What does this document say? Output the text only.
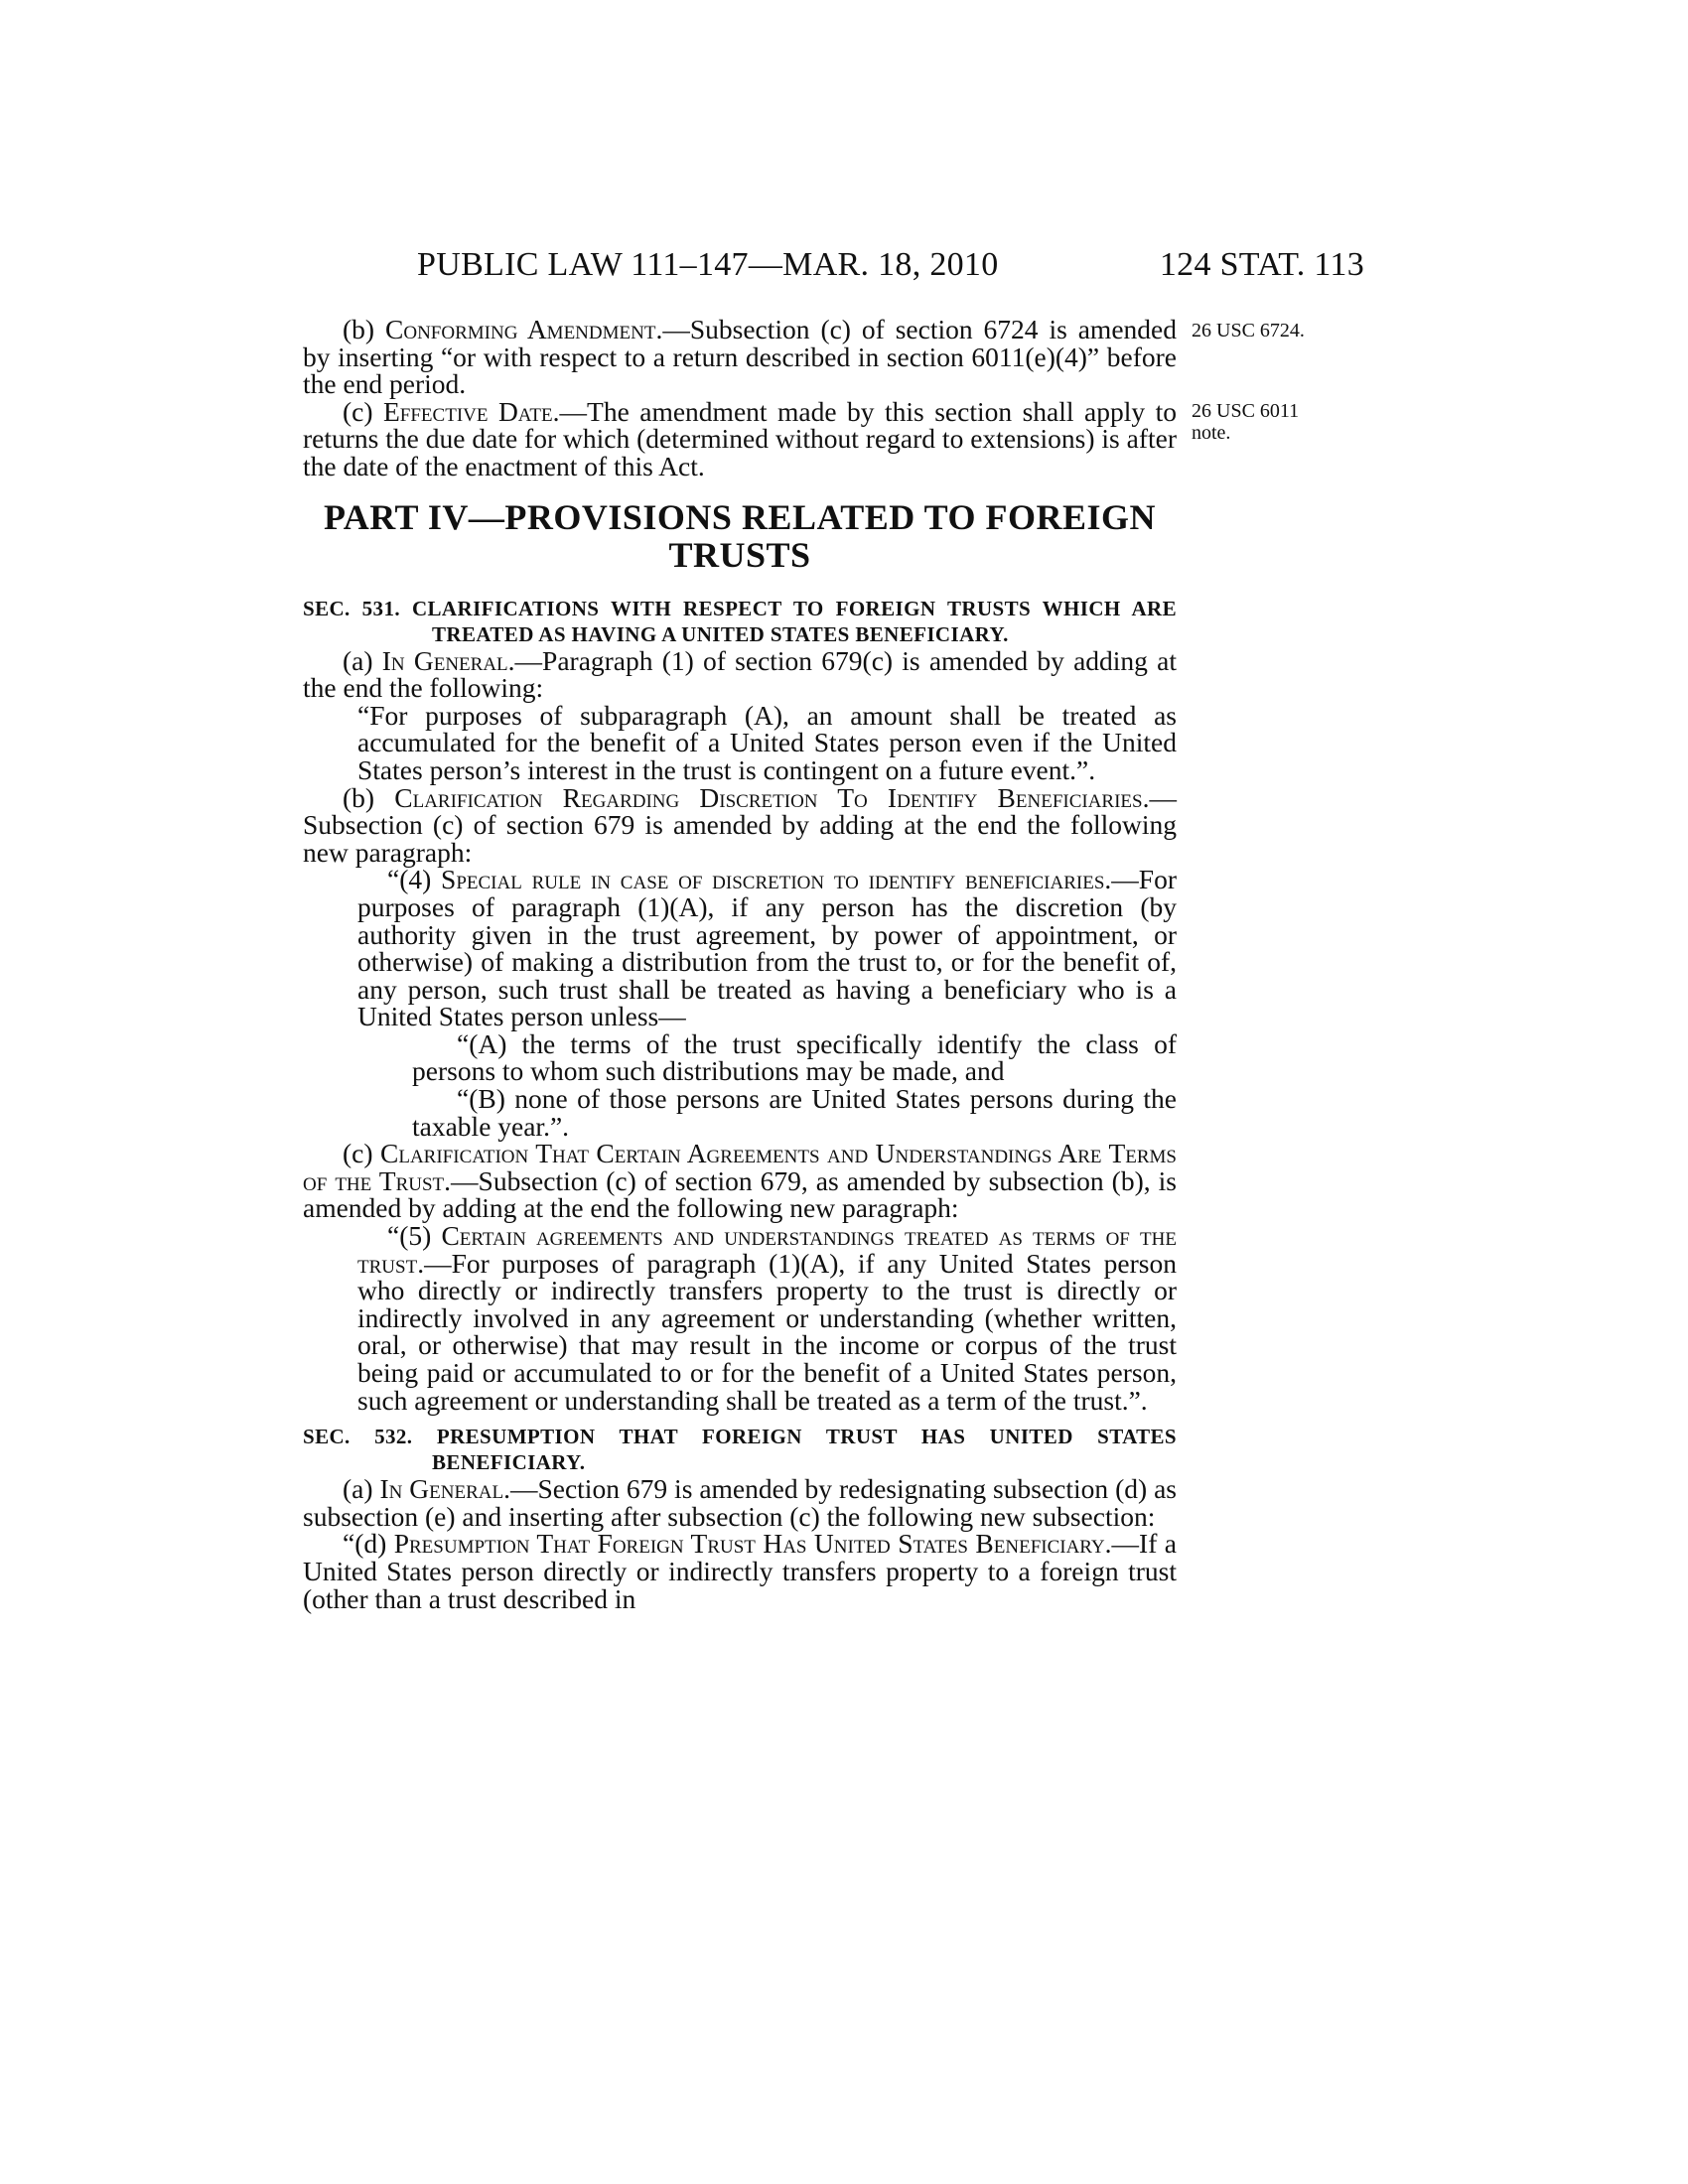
PUBLIC LAW 111–147—MAR. 18, 2010	124 STAT. 113
26 USC 6724.
26 USC 6011
note.

(b) Conforming Amendment.—Subsection (c) of section 6724 is amended by inserting “or with respect to a return described in section 6011(e)(4)” before the end period.

(c) Effective Date.—The amendment made by this section shall apply to returns the due date for which (determined without regard to extensions) is after the date of the enactment of this Act.

PART IV—PROVISIONS RELATED TO FOREIGN
TRUSTS

SEC. 531. CLARIFICATIONS WITH RESPECT TO FOREIGN TRUSTS WHICH ARE TREATED AS HAVING A UNITED STATES BENEFICIARY.

(a) In General.—Paragraph (1) of section 679(c) is amended by adding at the end the following:

“For purposes of subparagraph (A), an amount shall be treated as accumulated for the benefit of a United States person even if the United States person’s interest in the trust is contingent on a future event.”.

(b) Clarification Regarding Discretion To Identify Beneficiaries.—Subsection (c) of section 679 is amended by adding at the end the following new paragraph:

“(4) Special rule in case of discretion to identify beneficiaries.—For purposes of paragraph (1)(A), if any person has the discretion (by authority given in the trust agreement, by power of appointment, or otherwise) of making a distribution from the trust to, or for the benefit of, any person, such trust shall be treated as having a beneficiary who is a United States person unless—

“(A) the terms of the trust specifically identify the class of persons to whom such distributions may be made, and

“(B) none of those persons are United States persons during the taxable year.”.

(c) Clarification That Certain Agreements and Understandings Are Terms of the Trust.—Subsection (c) of section 679, as amended by subsection (b), is amended by adding at the end the following new paragraph:

“(5) Certain agreements and understandings treated as terms of the trust.—For purposes of paragraph (1)(A), if any United States person who directly or indirectly transfers property to the trust is directly or indirectly involved in any agreement or understanding (whether written, oral, or otherwise) that may result in the income or corpus of the trust being paid or accumulated to or for the benefit of a United States person, such agreement or understanding shall be treated as a term of the trust.”.

SEC. 532. PRESUMPTION THAT FOREIGN TRUST HAS UNITED STATES BENEFICIARY.

(a) In General.—Section 679 is amended by redesignating subsection (d) as subsection (e) and inserting after subsection (c) the following new subsection:

“(d) Presumption That Foreign Trust Has United States Beneficiary.—If a United States person directly or indirectly transfers property to a foreign trust (other than a trust described in
